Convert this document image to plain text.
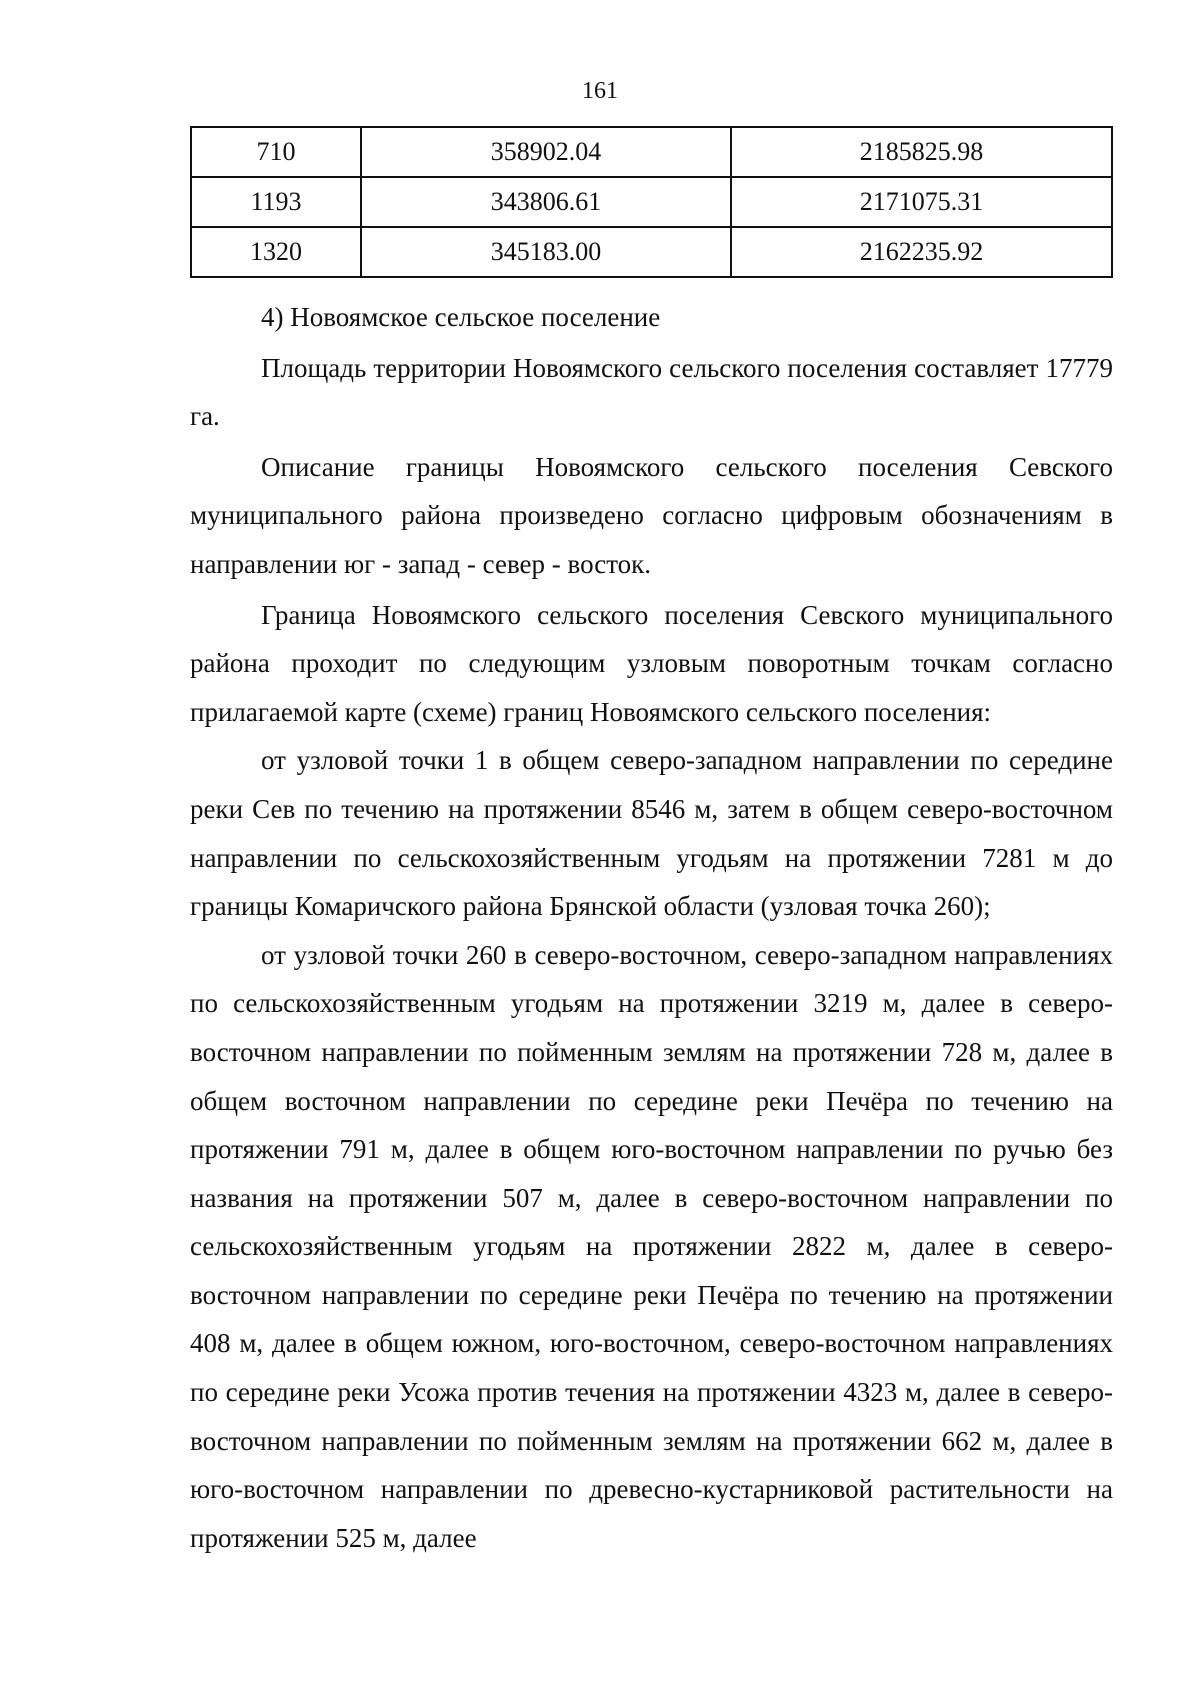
161
710	358902.04	2185825.98
1193	343806.61	2171075.31
1320	345183.00	2162235.92

4) Новоямское сельское поселение

Площадь территории Новоямского сельского поселения составляет 17779 га.

Описание границы Новоямского сельского поселения Севского муниципального района произведено согласно цифровым обозначениям в направлении юг - запад - север - восток.

Граница Новоямского сельского поселения Севского муниципального района проходит по следующим узловым поворотным точкам согласно прилагаемой карте (схеме) границ Новоямского сельского поселения:

от узловой точки 1 в общем северо-западном направлении по середине реки Сев по течению на протяжении 8546 м, затем в общем северо-восточном направлении по сельскохозяйственным угодьям на протяжении 7281 м до границы Комаричского района Брянской области (узловая точка 260);

от узловой точки 260 в северо-восточном, северо-западном направлениях по сельскохозяйственным угодьям на протяжении 3219 м, далее в северо-восточном направлении по пойменным землям на протяжении 728 м, далее в общем восточном направлении по середине реки Печёра по течению на протяжении 791 м, далее в общем юго-восточном направлении по ручью без названия на протяжении 507 м, далее в северо-восточном направлении по сельскохозяйственным угодьям на протяжении 2822 м, далее в северо-восточном направлении по середине реки Печёра по течению на протяжении 408 м, далее в общем южном, юго-восточном, северо-восточном направлениях по середине реки Усожа против течения на протяжении 4323 м, далее в северо-восточном направлении по пойменным землям на протяжении 662 м, далее в юго-восточном направлении по древесно-кустарниковой растительности на протяжении 525 м, далее
